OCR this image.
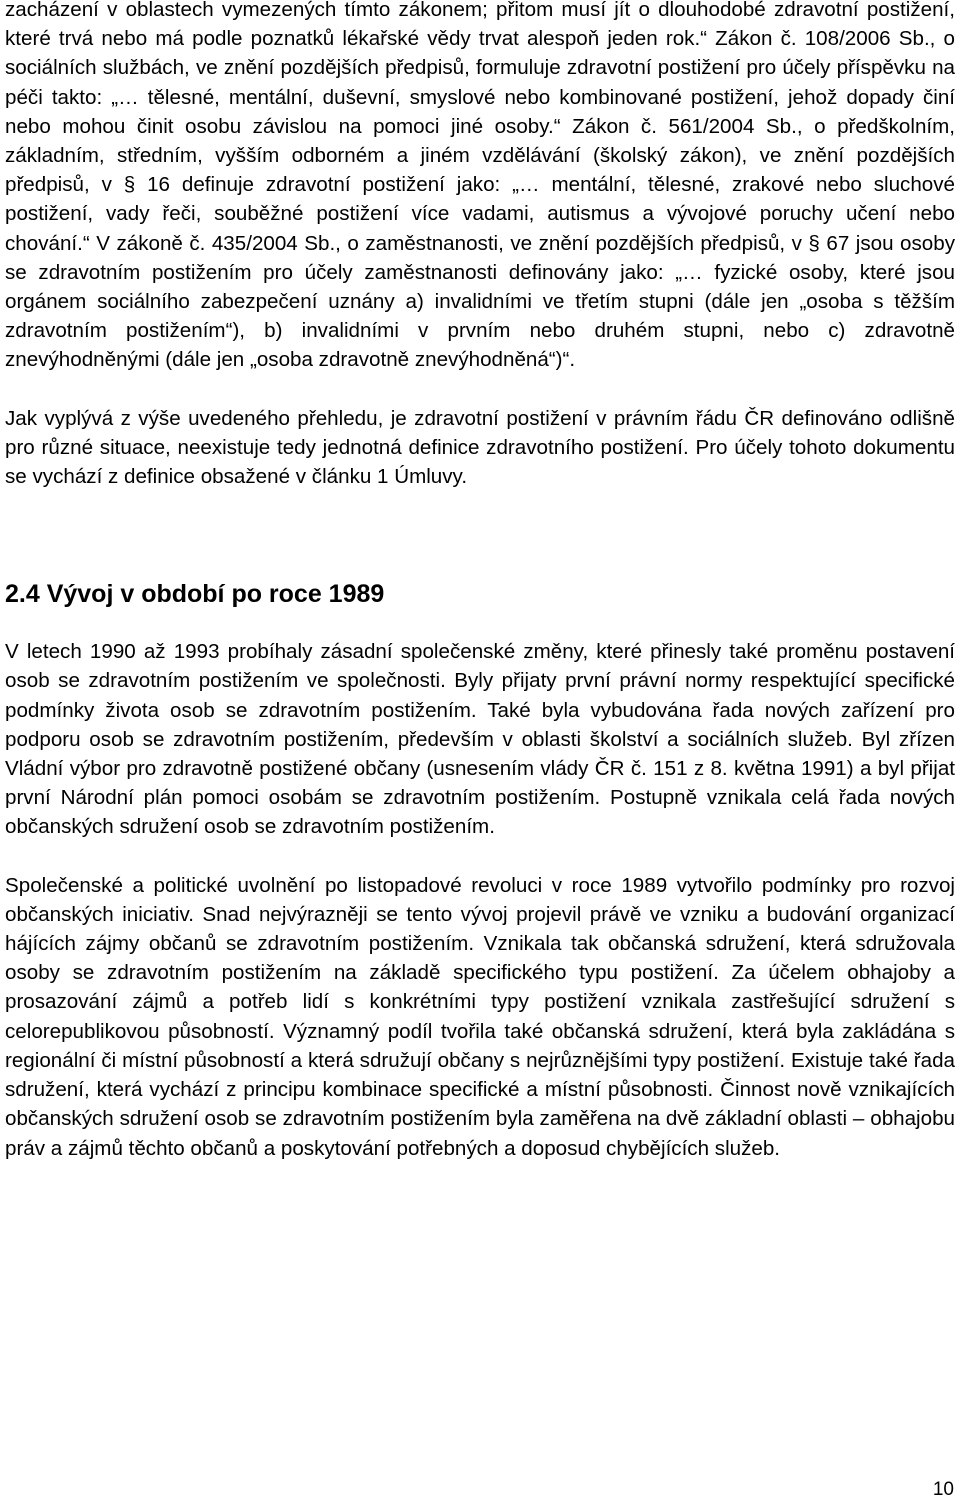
zacházení v oblastech vymezených tímto zákonem; přitom musí jít o dlouhodobé zdravotní postižení, které trvá nebo má podle poznatků lékařské vědy trvat alespoň jeden rok.“ Zákon č. 108/2006 Sb., o sociálních službách, ve znění pozdějších předpisů, formuluje zdravotní postižení pro účely příspěvku na péči takto: „… tělesné, mentální, duševní, smyslové nebo kombinované postižení, jehož dopady činí nebo mohou činit osobu závislou na pomoci jiné osoby.“ Zákon č. 561/2004 Sb., o předškolním, základním, středním, vyšším odborném a jiném vzdělávání (školský zákon), ve znění pozdějších předpisů, v § 16 definuje zdravotní postižení jako: „… mentální, tělesné, zrakové nebo sluchové postižení, vady řeči, souběžné postižení více vadami, autismus a vývojové poruchy učení nebo chování.“ V zákoně č. 435/2004 Sb., o zaměstnanosti, ve znění pozdějších předpisů, v § 67 jsou osoby se zdravotním postižením pro účely zaměstnanosti definovány jako: „… fyzické osoby, které jsou orgánem sociálního zabezpečení uznány a) invalidními ve třetím stupni (dále jen „osoba s těžším zdravotním postižením“), b) invalidními v prvním nebo druhém stupni, nebo c) zdravotně znevýhodněnými (dále jen „osoba zdravotně znevýhodněná“)“.

Jak vyplývá z výše uvedeného přehledu, je zdravotní postižení v právním řádu ČR definováno odlišně pro různé situace, neexistuje tedy jednotná definice zdravotního postižení. Pro účely tohoto dokumentu se vychází z definice obsažené v článku 1 Úmluvy.

2.4 Vývoj v období po roce 1989

V letech 1990 až 1993 probíhaly zásadní společenské změny, které přinesly také proměnu postavení osob se zdravotním postižením ve společnosti. Byly přijaty první právní normy respektující specifické podmínky života osob se zdravotním postižením. Také byla vybudována řada nových zařízení pro podporu osob se zdravotním postižením, především v oblasti školství a sociálních služeb. Byl zřízen Vládní výbor pro zdravotně postižené občany (usnesením vlády ČR č. 151 z 8. května 1991) a byl přijat první Národní plán pomoci osobám se zdravotním postižením. Postupně vznikala celá řada nových občanských sdružení osob se zdravotním postižením.

Společenské a politické uvolnění po listopadové revoluci v roce 1989 vytvořilo podmínky pro rozvoj občanských iniciativ. Snad nejvýrazněji se tento vývoj projevil právě ve vzniku a budování organizací hájících zájmy občanů se zdravotním postižením. Vznikala tak občanská sdružení, která sdružovala osoby se zdravotním postižením na základě specifického typu postižení. Za účelem obhajoby a prosazování zájmů a potřeb lidí s konkrétními typy postižení vznikala zastřešující sdružení s celorepublikovou působností. Významný podíl tvořila také občanská sdružení, která byla zakládána s regionální či místní působností a která sdružují občany s nejrůznějšími typy postižení. Existuje také řada sdružení, která vychází z principu kombinace specifické a místní působnosti. Činnost nově vznikajících občanských sdružení osob se zdravotním postižením byla zaměřena na dvě základní oblasti – obhajobu práv a zájmů těchto občanů a poskytování potřebných a doposud chybějících služeb.

10
